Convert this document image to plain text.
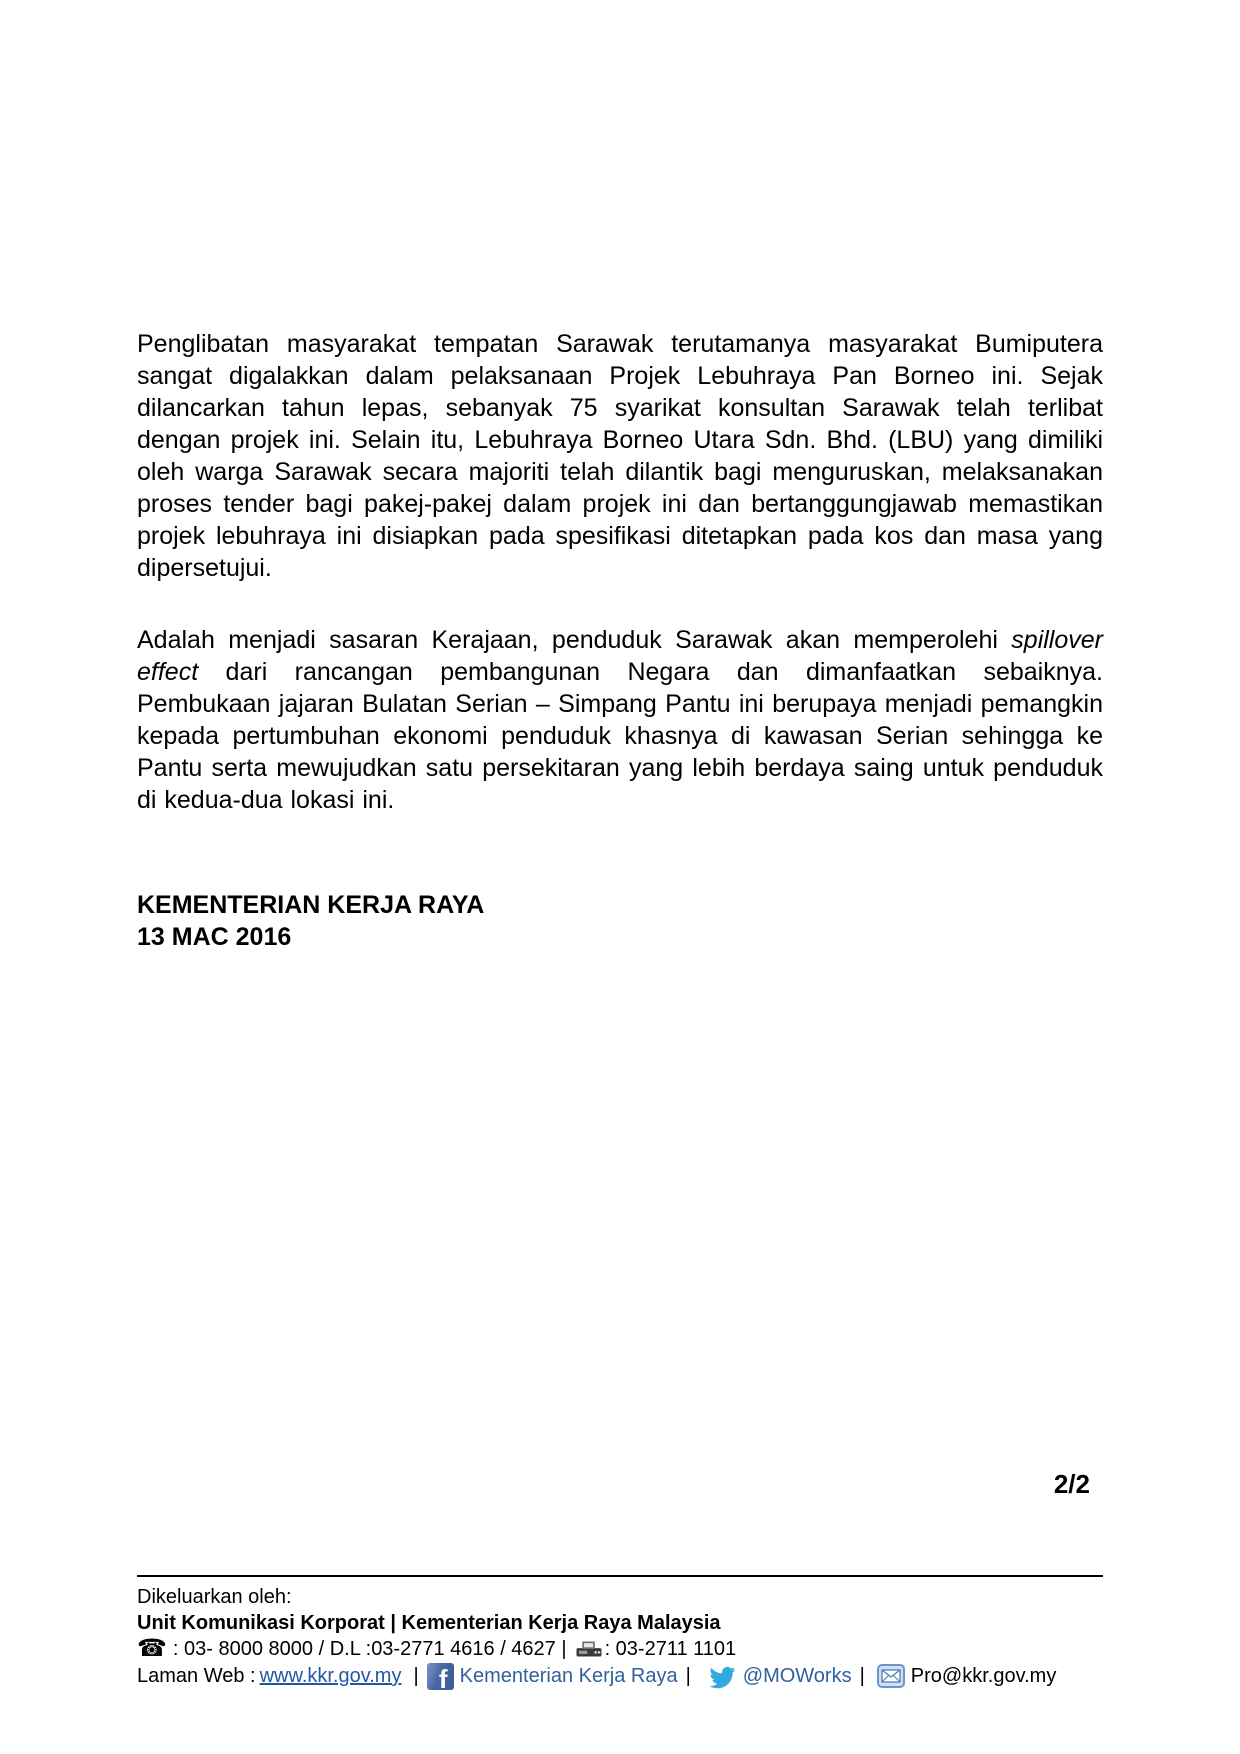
Penglibatan masyarakat tempatan Sarawak terutamanya masyarakat Bumiputera sangat digalakkan dalam pelaksanaan Projek Lebuhraya Pan Borneo ini. Sejak dilancarkan tahun lepas, sebanyak 75 syarikat konsultan Sarawak telah terlibat dengan projek ini. Selain itu, Lebuhraya Borneo Utara Sdn. Bhd. (LBU) yang dimiliki oleh warga Sarawak secara majoriti telah dilantik bagi menguruskan, melaksanakan proses tender bagi pakej-pakej dalam projek ini dan bertanggungjawab memastikan projek lebuhraya ini disiapkan pada spesifikasi ditetapkan pada kos dan masa yang dipersetujui.

Adalah menjadi sasaran Kerajaan, penduduk Sarawak akan memperolehi spillover effect dari rancangan pembangunan Negara dan dimanfaatkan sebaiknya. Pembukaan jajaran Bulatan Serian – Simpang Pantu ini berupaya menjadi pemangkin kepada pertumbuhan ekonomi penduduk khasnya di kawasan Serian sehingga ke Pantu serta mewujudkan satu persekitaran yang lebih berdaya saing untuk penduduk di kedua-dua lokasi ini.

KEMENTERIAN KERJA RAYA
13 MAC 2016
2/2
Dikeluarkan oleh:
Unit Komunikasi Korporat | Kementerian Kerja Raya Malaysia
☎ : 03- 8000 8000 / D.L :03-2771 4616 / 4627 | : 03-2711 1101
Laman Web : www.kkr.gov.my | f Kementerian Kerja Raya |	@MOWorks | Pro@kkr.gov.my
